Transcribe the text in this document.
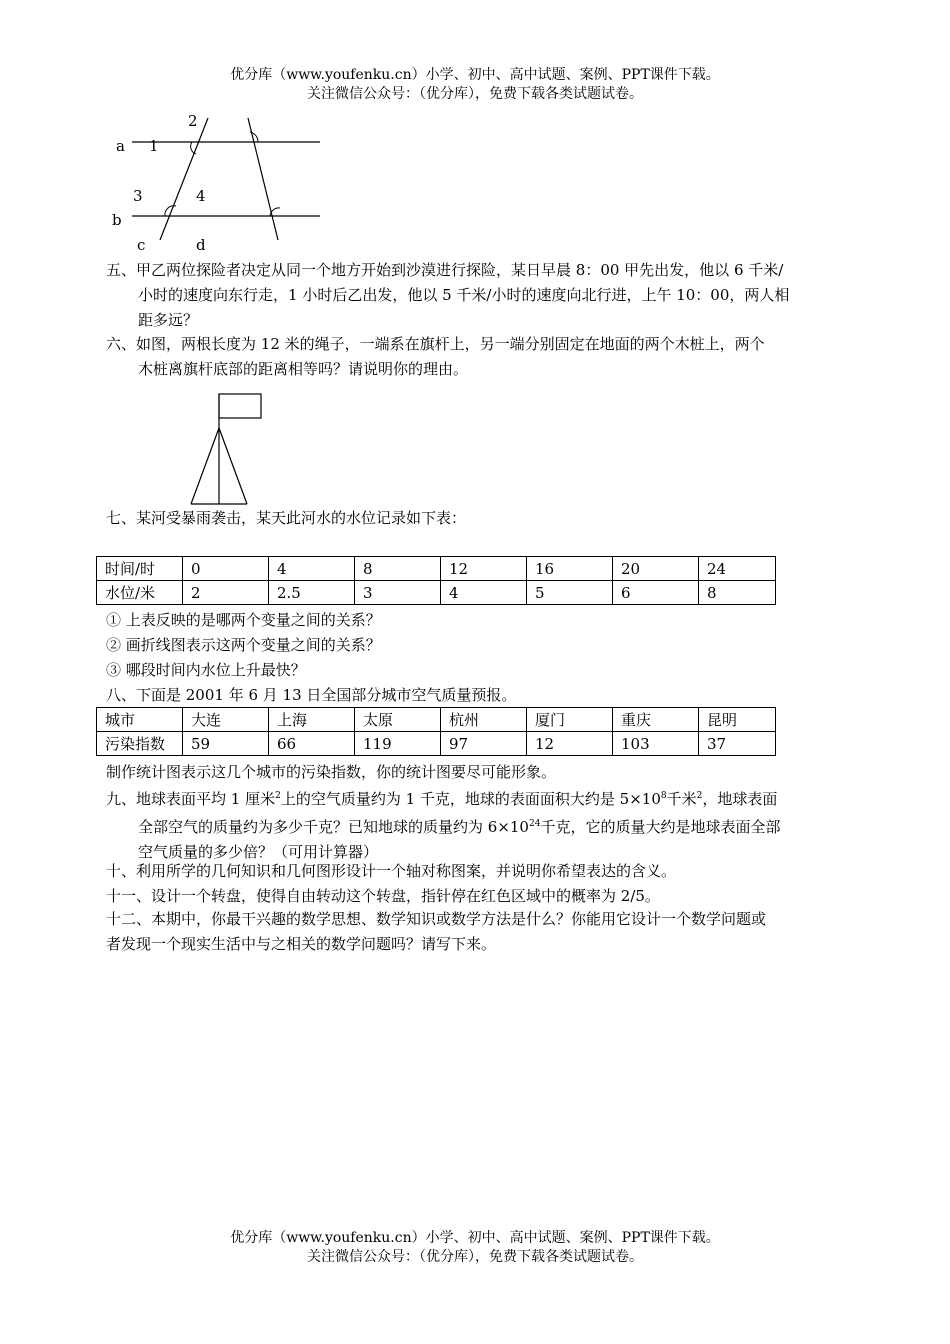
优分库（www.youfenku.cn）小学、初中、高中试题、案例、PPT课件下载。
关注微信公众号：（优分库），免费下载各类试题试卷。
a 1
2
3	4
b
c	d
五、甲乙两位探险者决定从同一个地方开始到沙漠进行探险，某日早晨 8：00 甲先出发，他以 6 千米/
小时的速度向东行走，1 小时后乙出发，他以 5 千米/小时的速度向北行进，上午 10：00，两人相
距多远？
六、如图，两根长度为 12 米的绳子，一端系在旗杆上，另一端分别固定在地面的两个木桩上，两个
木桩离旗杆底部的距离相等吗？请说明你的理由。
七、某河受暴雨袭击，某天此河水的水位记录如下表：
时间/时	0	4	8	12	16	20	24
水位/米	2	2.5	3	4	5	6	8
① 上表反映的是哪两个变量之间的关系？
② 画折线图表示这两个变量之间的关系？
③ 哪段时间内水位上升最快？
八、下面是 2001 年 6 月 13 日全国部分城市空气质量预报。
城市	大连	上海	太原	杭州	厦门	重庆	昆明
污染指数	59	66	119	97	12	103	37
制作统计图表示这几个城市的污染指数，你的统计图要尽可能形象。
九、地球表面平均 1 厘米$^2$上的空气质量约为 1 千克，地球的表面面积大约是 $5\times 10^8$千米$^2$，地球表面
全部空气的质量约为多少千克？已知地球的质量约为 $6\times 10^{24}$千克，它的质量大约是地球表面全部
空气质量的多少倍？（可用计算器）
十、利用所学的几何知识和几何图形设计一个轴对称图案，并说明你希望表达的含义。
十一、设计一个转盘，使得自由转动这个转盘，指针停在红色区域中的概率为 2/5。
十二、本期中，你最干兴趣的数学思想、数学知识或数学方法是什么？你能用它设计一个数学问题或
者发现一个现实生活中与之相关的数学问题吗？请写下来。
优分库（www.youfenku.cn）小学、初中、高中试题、案例、PPT课件下载。
关注微信公众号：（优分库），免费下载各类试题试卷。
